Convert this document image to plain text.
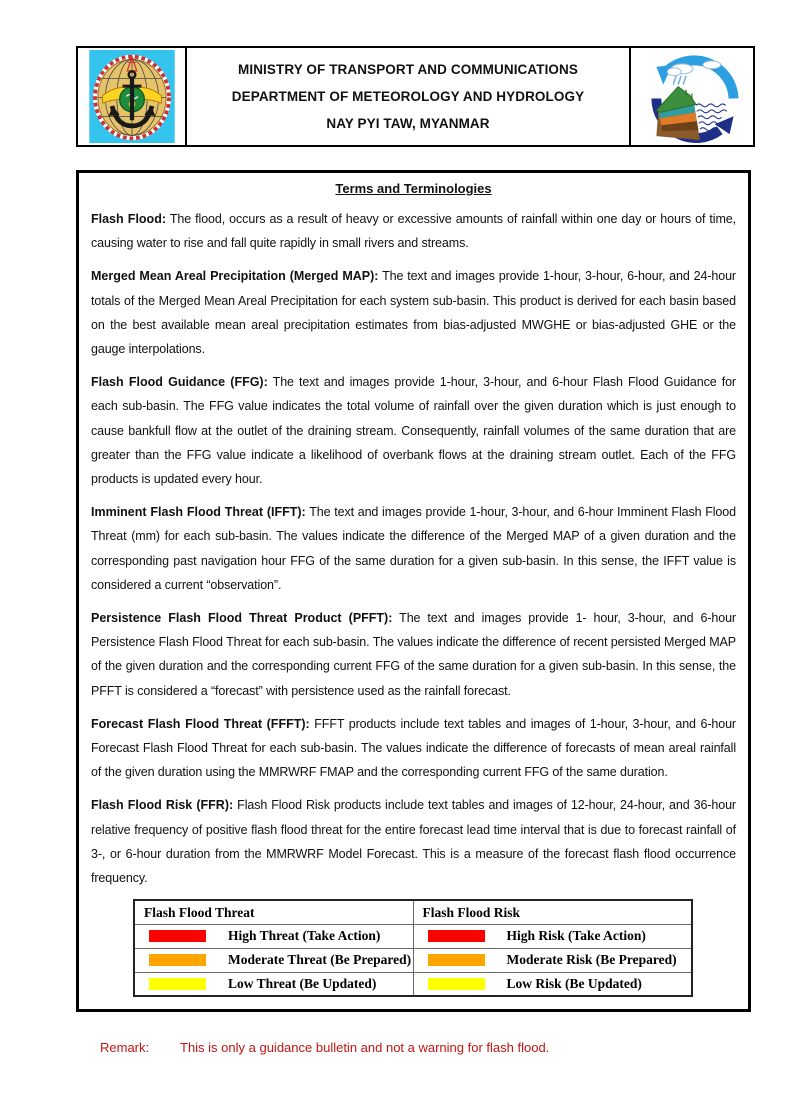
MINISTRY OF TRANSPORT AND COMMUNICATIONS
DEPARTMENT OF METEOROLOGY AND HYDROLOGY
NAY PYI TAW, MYANMAR
Terms and Terminologies

Flash Flood: The flood, occurs as a result of heavy or excessive amounts of rainfall within one day or hours of time, causing water to rise and fall quite rapidly in small rivers and streams.

Merged Mean Areal Precipitation (Merged MAP): The text and images provide 1-hour, 3-hour, 6-hour, and 24-hour totals of the Merged Mean Areal Precipitation for each system sub-basin. This product is derived for each basin based on the best available mean areal precipitation estimates from bias-adjusted MWGHE or bias-adjusted GHE or the gauge interpolations.

Flash Flood Guidance (FFG): The text and images provide 1-hour, 3-hour, and 6-hour Flash Flood Guidance for each sub-basin. The FFG value indicates the total volume of rainfall over the given duration which is just enough to cause bankfull flow at the outlet of the draining stream. Consequently, rainfall volumes of the same duration that are greater than the FFG value indicate a likelihood of overbank flows at the draining stream outlet. Each of the FFG products is updated every hour.

Imminent Flash Flood Threat (IFFT): The text and images provide 1-hour, 3-hour, and 6-hour Imminent Flash Flood Threat (mm) for each sub-basin. The values indicate the difference of the Merged MAP of a given duration and the corresponding past navigation hour FFG of the same duration for a given sub-basin. In this sense, the IFFT value is considered a current “observation”.

Persistence Flash Flood Threat Product (PFFT): The text and images provide 1- hour, 3-hour, and 6-hour Persistence Flash Flood Threat for each sub-basin. The values indicate the difference of recent persisted Merged MAP of the given duration and the corresponding current FFG of the same duration for a given sub-basin. In this sense, the PFFT is considered a “forecast” with persistence used as the rainfall forecast.

Forecast Flash Flood Threat (FFFT): FFFT products include text tables and images of 1-hour, 3-hour, and 6-hour Forecast Flash Flood Threat for each sub-basin. The values indicate the difference of forecasts of mean areal rainfall of the given duration using the MMRWRF FMAP and the corresponding current FFG of the same duration.

Flash Flood Risk (FFR): Flash Flood Risk products include text tables and images of 12-hour, 24-hour, and 36-hour relative frequency of positive flash flood threat for the entire forecast lead time interval that is due to forecast rainfall of 3-, or 6-hour duration from the MMRWRF Model Forecast. This is a measure of the forecast flash flood occurrence frequency.

Flash Flood Threat	Flash Flood Risk
High Threat (Take Action)	High Risk (Take Action)
Moderate Threat (Be Prepared)	Moderate Risk (Be Prepared)
Low Threat (Be Updated)	Low Risk (Be Updated)
Remark:	This is only a guidance bulletin and not a warning for flash flood.
